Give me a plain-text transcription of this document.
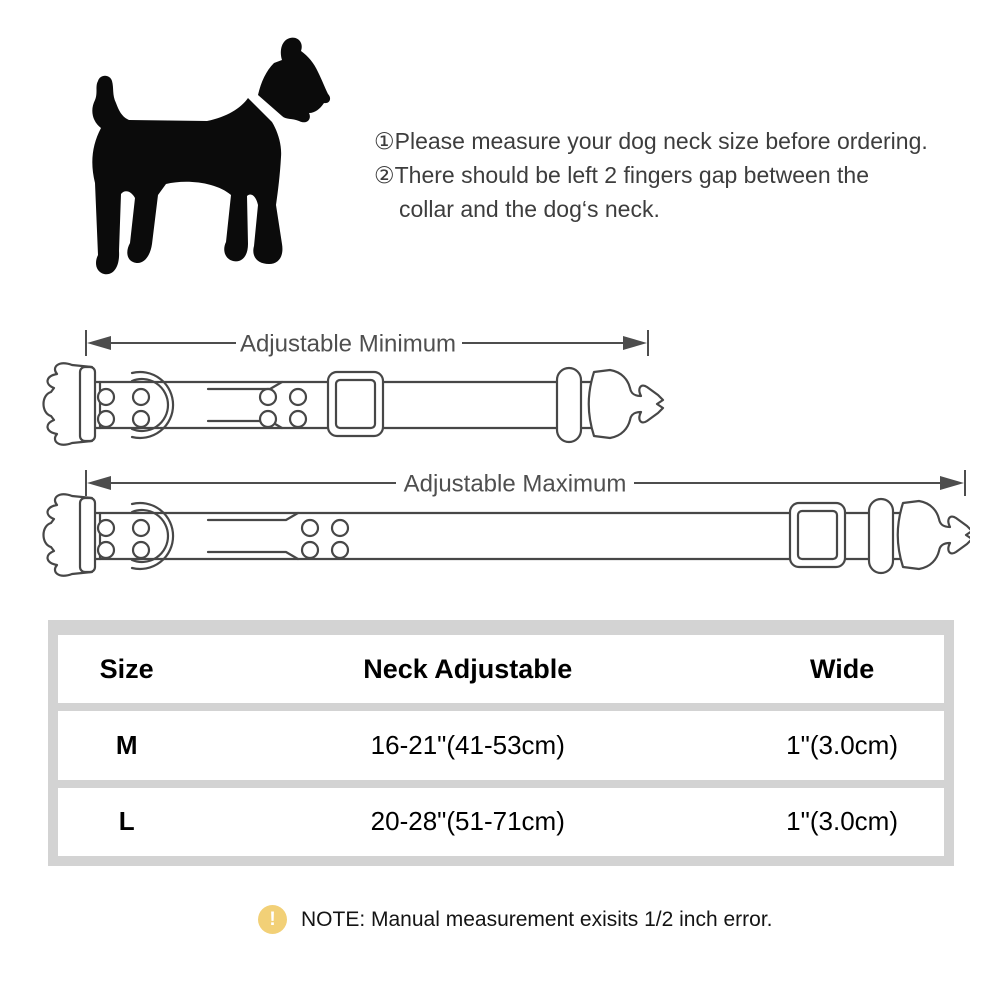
①Please measure your dog neck size before ordering.
②There should be left 2 fingers gap between the
collar and the dog‘s neck.
Adjustable Minimum
Adjustable Maximum
Size	Neck Adjustable	Wide
M	16-21"(41-53cm)	1"(3.0cm)
L	20-28"(51-71cm)	1"(3.0cm)
!	NOTE: Manual measurement exisits 1/2 inch error.
